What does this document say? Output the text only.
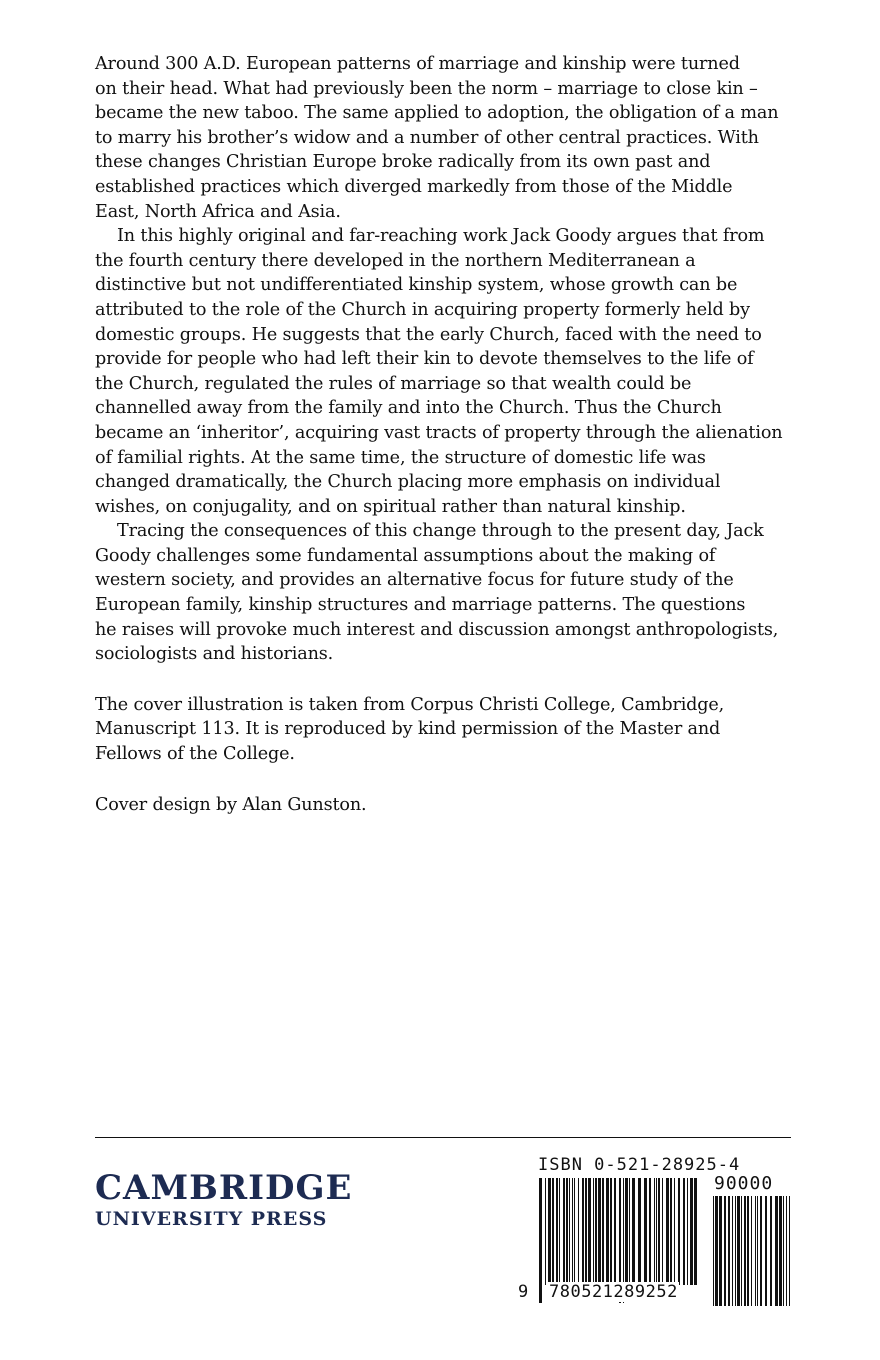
Around 300 A.D. European patterns of marriage and kinship were turned

on their head. What had previously been the norm – marriage to close kin –

became the new taboo. The same applied to adoption, the obligation of a man

to marry his brother’s widow and a number of other central practices. With

these changes Christian Europe broke radically from its own past and

established practices which diverged markedly from those of the Middle

East, North Africa and Asia.

In this highly original and far-reaching work Jack Goody argues that from

the fourth century there developed in the northern Mediterranean a

distinctive but not undifferentiated kinship system, whose growth can be

attributed to the role of the Church in acquiring property formerly held by

domestic groups. He suggests that the early Church, faced with the need to

provide for people who had left their kin to devote themselves to the life of

the Church, regulated the rules of marriage so that wealth could be

channelled away from the family and into the Church. Thus the Church

became an ‘inheritor’, acquiring vast tracts of property through the alienation

of familial rights. At the same time, the structure of domestic life was

changed dramatically, the Church placing more emphasis on individual

wishes, on conjugality, and on spiritual rather than natural kinship.

Tracing the consequences of this change through to the present day, Jack

Goody challenges some fundamental assumptions about the making of

western society, and provides an alternative focus for future study of the

European family, kinship structures and marriage patterns. The questions

he raises will provoke much interest and discussion amongst anthropologists,

sociologists and historians.

The cover illustration is taken from Corpus Christi College, Cambridge,

Manuscript 113. It is reproduced by kind permission of the Master and

Fellows of the College.

Cover design by Alan Gunston.

CAMBRIDGE
UNIVERSITY PRESS
ISBN 0-521-28925-4
90000
9 780521289252
